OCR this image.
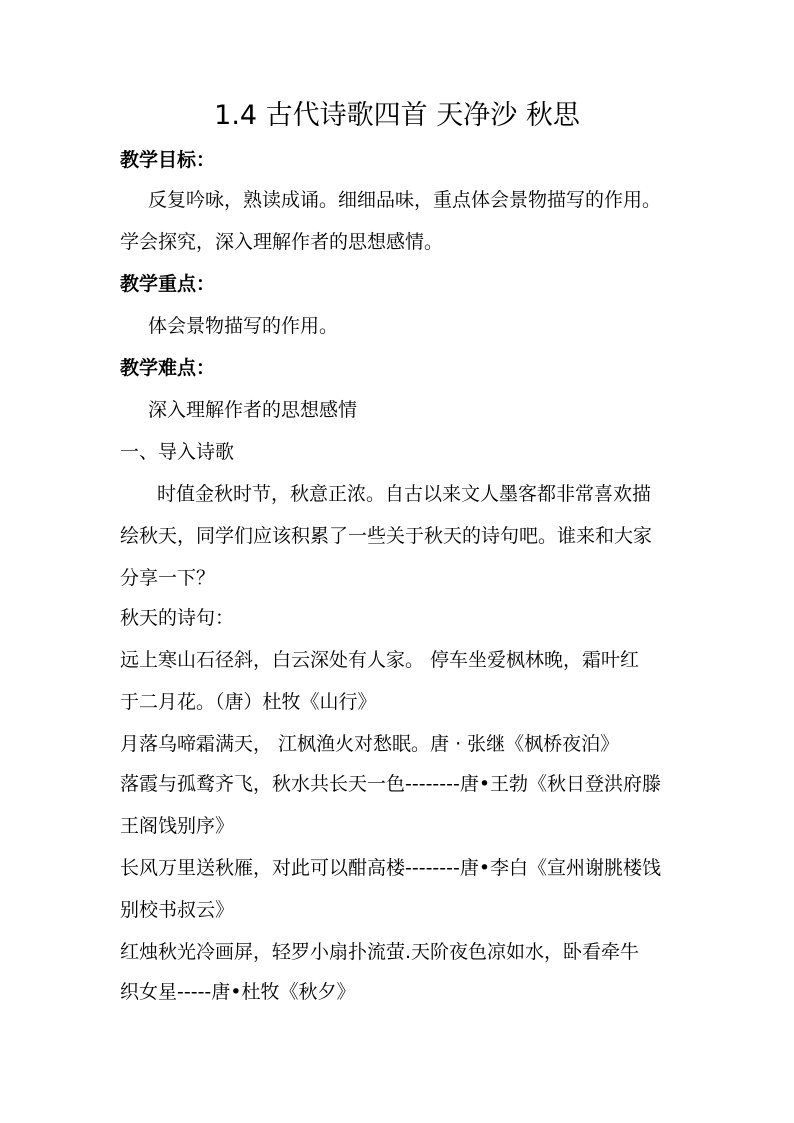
1.4 古代诗歌四首 天净沙 秋思
教学目标：
反复吟咏，熟读成诵。细细品味，重点体会景物描写的作用。
学会探究，深入理解作者的思想感情。
教学重点：
体会景物描写的作用。
教学难点：
深入理解作者的思想感情
一、导入诗歌
时值金秋时节，秋意正浓。自古以来文人墨客都非常喜欢描
绘秋天，同学们应该积累了一些关于秋天的诗句吧。谁来和大家
分享一下？
秋天的诗句：
远上寒山石径斜，白云深处有人家。 停车坐爱枫林晚，霜叶红
于二月花。（唐）杜牧《山行》
月落乌啼霜满天， 江枫渔火对愁眠。唐 · 张继《枫桥夜泊》
落霞与孤鹜齐飞，秋水共长天一色--------唐•王勃《秋日登洪府滕
王阁饯别序》
长风万里送秋雁，对此可以酣高楼--------唐•李白《宣州谢朓楼饯
别校书叔云》
红烛秋光冷画屏，轻罗小扇扑流萤.天阶夜色凉如水，卧看牵牛
织女星-----唐•杜牧《秋夕》
